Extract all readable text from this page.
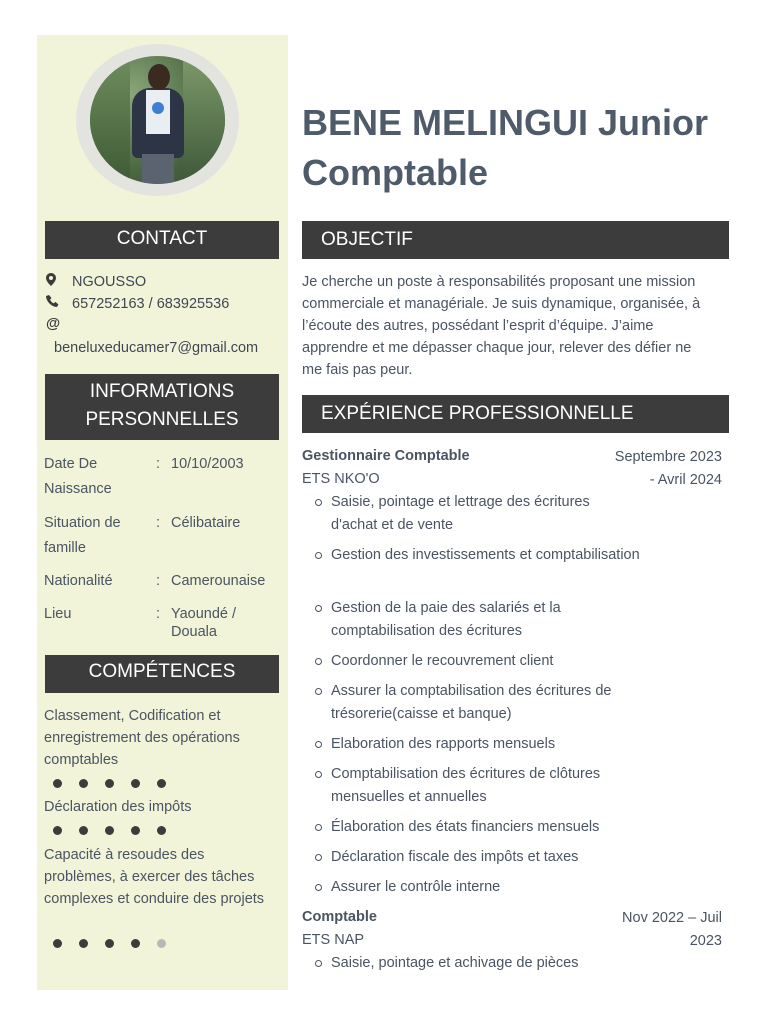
CONTACT
NGOUSSO
657252163 / 683925536
@
beneluxeducamer7@gmail.com
INFORMATIONS
PERSONNELLES
Date De Naissance
: 10/10/2003
Situation de famille
: Célibataire
Nationalité	: Camerounaise
Lieu	: Yaoundé / Douala
COMPÉTENCES
Classement, Codification et enregistrement des opérations comptables
Déclaration des impôts
Capacité à resoudes des problèmes, à exercer des tâches complexes et conduire des projets
BENE MELINGUI Junior
Comptable
OBJECTIF
Je cherche un poste à responsabilités proposant une mission commerciale et managériale. Je suis dynamique, organisée, à l’écoute des autres, possédant l’esprit d’équipe. J’aime apprendre et me dépasser chaque jour, relever des défier ne me fais pas peur.
EXPÉRIENCE PROFESSIONNELLE
Gestionnaire Comptable
ETS NKO'O
Septembre 2023 - Avril 2024
Saisie, pointage et lettrage des écritures d'achat et de vente
Gestion des investissements et comptabilisation
Gestion de la paie des salariés et la comptabilisation des écritures
Coordonner le recouvrement client
Assurer la comptabilisation des écritures de trésorerie(caisse et banque)
Elaboration des rapports mensuels
Comptabilisation des écritures de clôtures mensuelles et annuelles
Élaboration des états financiers mensuels
Déclaration fiscale des impôts et taxes
Assurer le contrôle interne
Comptable
ETS NAP
Nov 2022 – Juil 2023
Saisie, pointage et achivage de pièces
